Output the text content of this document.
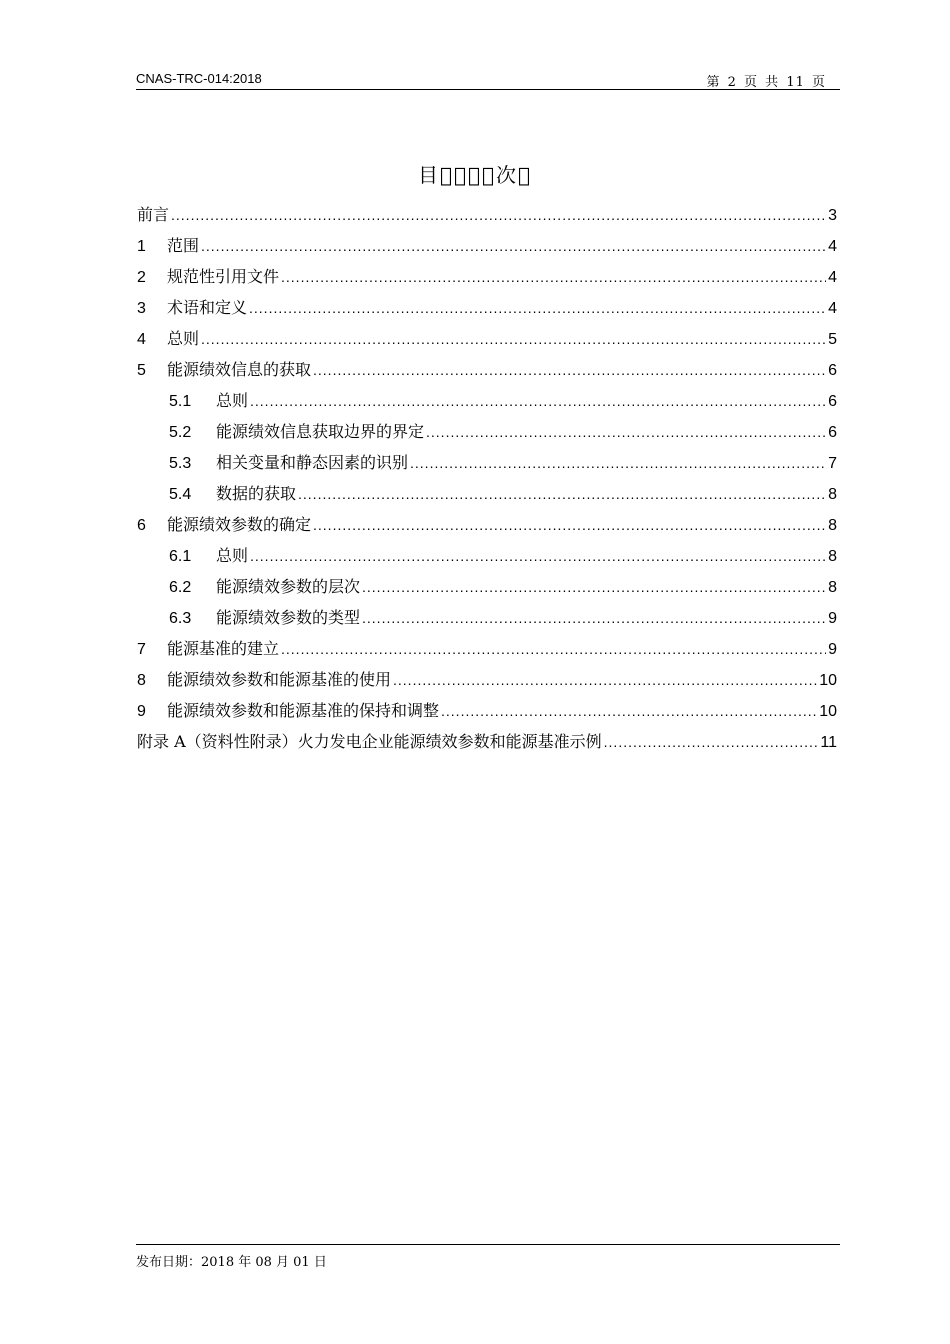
CNAS-TRC-014:2018	第 2 页 共 11 页
目􀀀􀀀􀀀􀀀次􀀀
前言 .....	3
1	范围 .....	4
2	规范性引用文件 .....	4
3	术语和定义 .....	4
4	总则 .....	5
5	能源绩效信息的获取 .....	6
5.1	总则 .....	6
5.2	能源绩效信息获取边界的界定 .....	6
5.3	相关变量和静态因素的识别 .....	7
5.4	数据的获取 .....	8
6	能源绩效参数的确定 .....	8
6.1	总则 .....	8
6.2	能源绩效参数的层次 .....	8
6.3	能源绩效参数的类型 .....	9
7	能源基准的建立 .....	9
8	能源绩效参数和能源基准的使用 .....	10
9	能源绩效参数和能源基准的保持和调整 .....	10
附录 A（资料性附录）火力发电企业能源绩效参数和能源基准示例 .....	11
发布日期：2018 年 08 月 01 日
